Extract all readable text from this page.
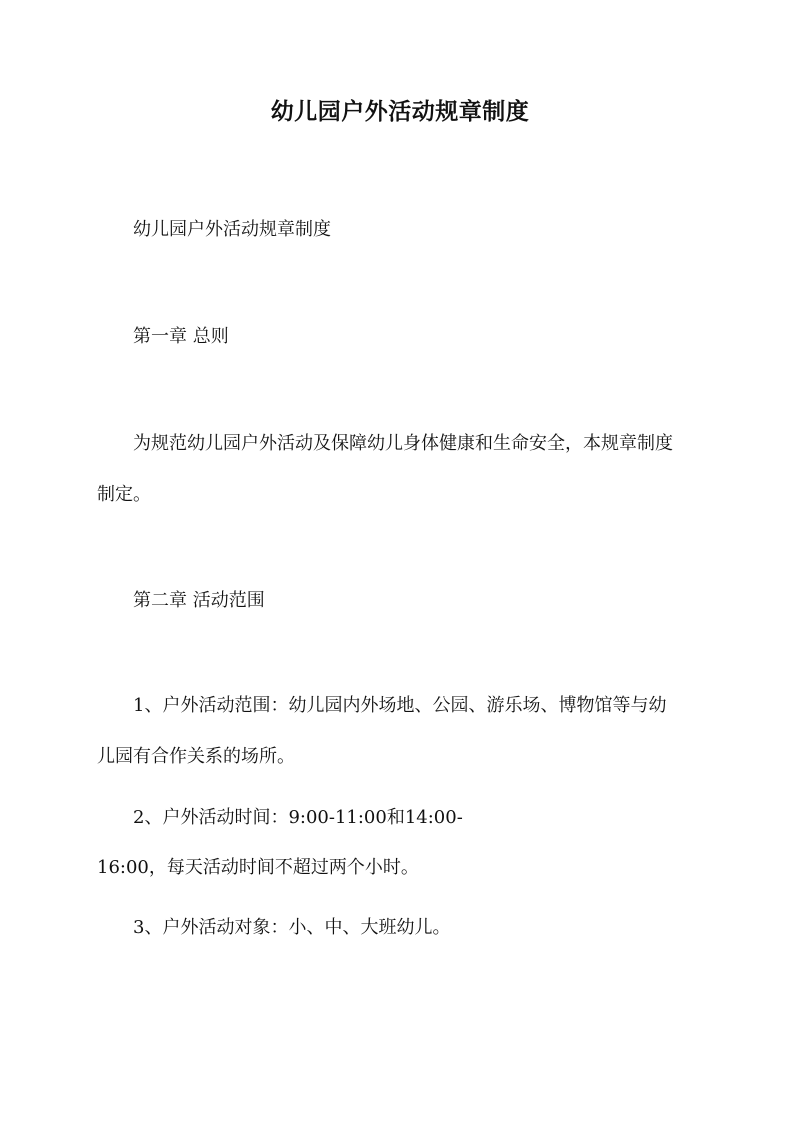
幼儿园户外活动规章制度

幼儿园户外活动规章制度

第一章 总则

为规范幼儿园户外活动及保障幼儿身体健康和生命安全，本规章制度

制定。

第二章 活动范围

1、户外活动范围：幼儿园内外场地、公园、游乐场、博物馆等与幼

儿园有合作关系的场所。

2、户外活动时间：9:00-11:00和14:00-

16:00，每天活动时间不超过两个小时。

3、户外活动对象：小、中、大班幼儿。
